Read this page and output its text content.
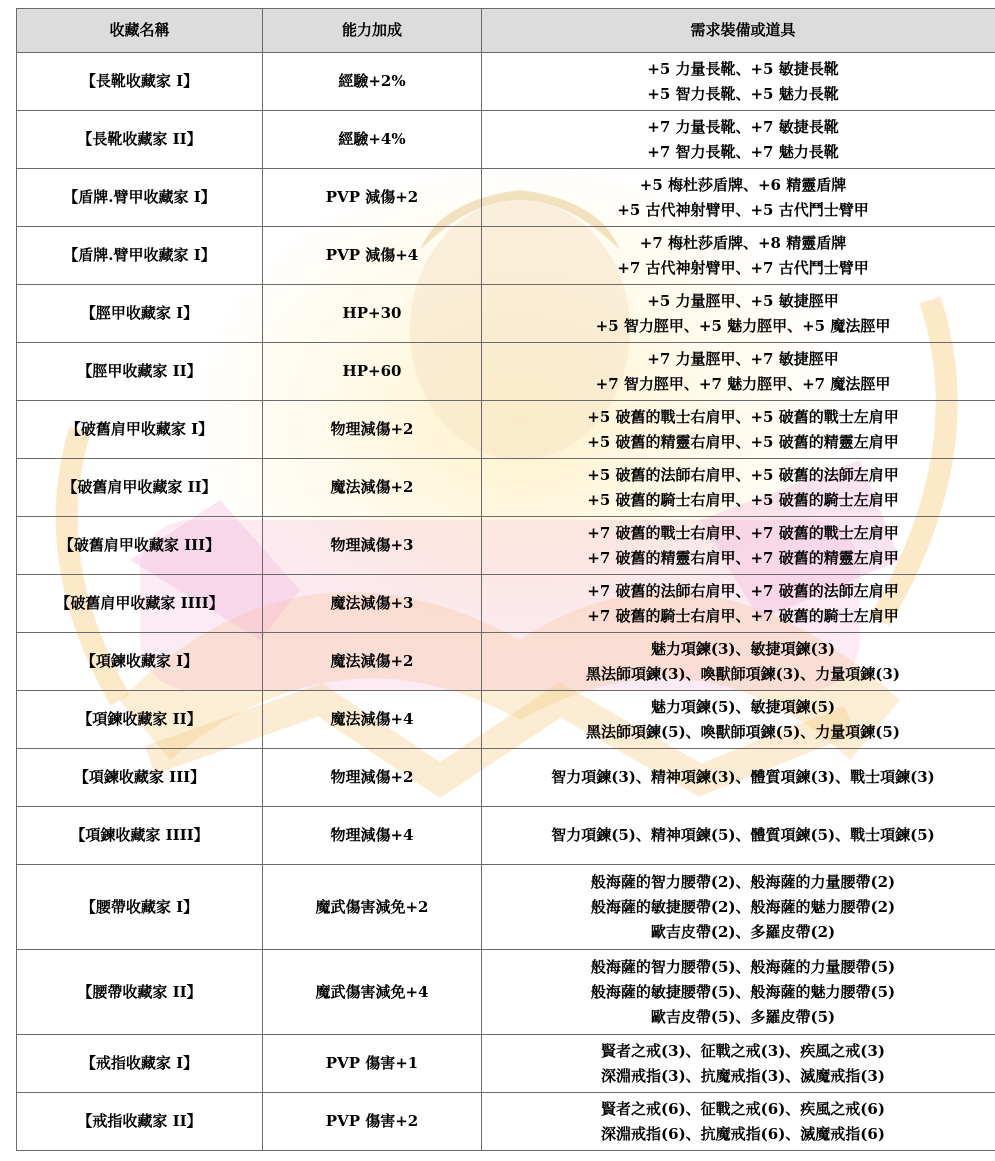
收藏名稱	能力加成	需求裝備或道具
【長靴收藏家 I】	經驗+2%	+5 力量長靴、+5 敏捷長靴
+5 智力長靴、+5 魅力長靴

【長靴收藏家 II】	經驗+4%	+7 力量長靴、+7 敏捷長靴
+7 智力長靴、+7 魅力長靴

【盾牌.臂甲收藏家 I】	PVP 減傷+2	+5 梅杜莎盾牌、+6 精靈盾牌
+5 古代神射臂甲、+5 古代鬥士臂甲

【盾牌.臂甲收藏家 I】	PVP 減傷+4	+7 梅杜莎盾牌、+8 精靈盾牌
+7 古代神射臂甲、+7 古代鬥士臂甲

【脛甲收藏家 I】	HP+30	+5 力量脛甲、+5 敏捷脛甲
+5 智力脛甲、+5 魅力脛甲、+5 魔法脛甲

【脛甲收藏家 II】	HP+60	+7 力量脛甲、+7 敏捷脛甲
+7 智力脛甲、+7 魅力脛甲、+7 魔法脛甲

【破舊肩甲收藏家 I】	物理減傷+2	+5 破舊的戰士右肩甲、+5 破舊的戰士左肩甲
+5 破舊的精靈右肩甲、+5 破舊的精靈左肩甲

【破舊肩甲收藏家 II】	魔法減傷+2	+5 破舊的法師右肩甲、+5 破舊的法師左肩甲
+5 破舊的騎士右肩甲、+5 破舊的騎士左肩甲

【破舊肩甲收藏家 III】	物理減傷+3	+7 破舊的戰士右肩甲、+7 破舊的戰士左肩甲
+7 破舊的精靈右肩甲、+7 破舊的精靈左肩甲

【破舊肩甲收藏家 IIII】	魔法減傷+3	+7 破舊的法師右肩甲、+7 破舊的法師左肩甲
+7 破舊的騎士右肩甲、+7 破舊的騎士左肩甲

【項鍊收藏家 I】	魔法減傷+2	魅力項鍊(3)、敏捷項鍊(3)
黑法師項鍊(3)、喚獸師項鍊(3)、力量項鍊(3)

【項鍊收藏家 II】	魔法減傷+4	魅力項鍊(5)、敏捷項鍊(5)
黑法師項鍊(5)、喚獸師項鍊(5)、力量項鍊(5)

【項鍊收藏家 III】	物理減傷+2	智力項鍊(3)、精神項鍊(3)、體質項鍊(3)、戰士項鍊(3)

【項鍊收藏家 IIII】	物理減傷+4	智力項鍊(5)、精神項鍊(5)、體質項鍊(5)、戰士項鍊(5)

【腰帶收藏家 I】	魔武傷害減免+2	般海薩的智力腰帶(2)、般海薩的力量腰帶(2)
般海薩的敏捷腰帶(2)、般海薩的魅力腰帶(2)
歐吉皮帶(2)、多羅皮帶(2)

【腰帶收藏家 II】	魔武傷害減免+4	般海薩的智力腰帶(5)、般海薩的力量腰帶(5)
般海薩的敏捷腰帶(5)、般海薩的魅力腰帶(5)
歐吉皮帶(5)、多羅皮帶(5)

【戒指收藏家 I】	PVP 傷害+1	賢者之戒(3)、征戰之戒(3)、疾風之戒(3)
深淵戒指(3)、抗魔戒指(3)、滅魔戒指(3)

【戒指收藏家 II】	PVP 傷害+2	賢者之戒(6)、征戰之戒(6)、疾風之戒(6)
深淵戒指(6)、抗魔戒指(6)、滅魔戒指(6)
